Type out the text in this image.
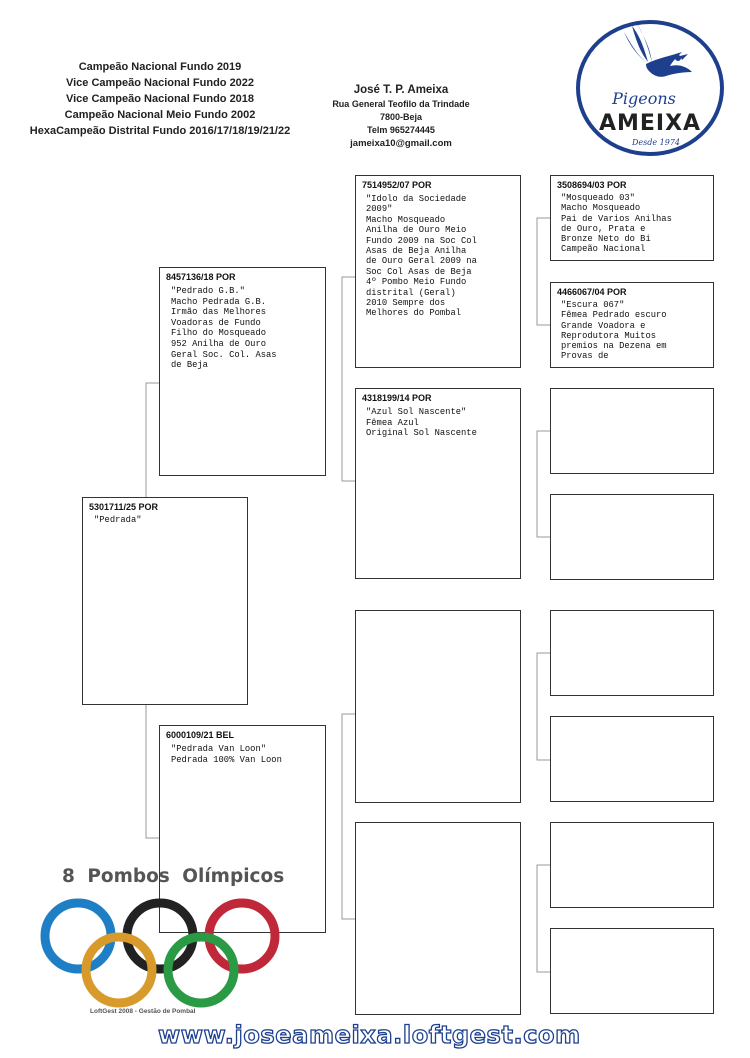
Campeão Nacional Fundo 2019
Vice Campeão Nacional Fundo 2022
Vice Campeão Nacional Fundo 2018
Campeão Nacional Meio Fundo 2002
HexaCampeão Distrital Fundo 2016/17/18/19/21/22
José T. P. Ameixa
Rua General Teofilo da Trindade
7800-Beja
Telm 965274445
jameixa10@gmail.com
Pigeons
AMEIXA
Desde 1974
5301711/25 POR
"Pedrada"
8457136/18 POR
"Pedrado G.B."
Macho Pedrada G.B.
Irmão das Melhores
Voadoras de Fundo
Filho do Mosqueado
952 Anilha de Ouro
Geral Soc. Col. Asas
de Beja
6000109/21 BEL
"Pedrada Van Loon"
Pedrada 100% Van Loon
7514952/07 POR
"Idolo da Sociedade
2009"
Macho Mosqueado
Anilha de Ouro Meio
Fundo 2009 na Soc Col
Asas de Beja Anilha
de Ouro Geral 2009 na
Soc Col Asas de Beja
4º Pombo Meio Fundo
distrital (Geral)
2010 Sempre dos
Melhores do Pombal
4318199/14 POR
"Azul Sol Nascente"
Fêmea Azul
Original Sol Nascente
3508694/03 POR
"Mosqueado 03"
Macho Mosqueado
Pai de Varios Anilhas
de Ouro, Prata e
Bronze Neto do Bi
Campeão Nacional
4466067/04 POR
"Escura 067"
Fêmea Pedrado escuro
Grande Voadora e
Reprodutora Muitos
premios na Dezena em
Provas de
8 Pombos Olímpicos
LoftGest 2008 - Gestão de Pombal
www.joseameixa.loftgest.com
